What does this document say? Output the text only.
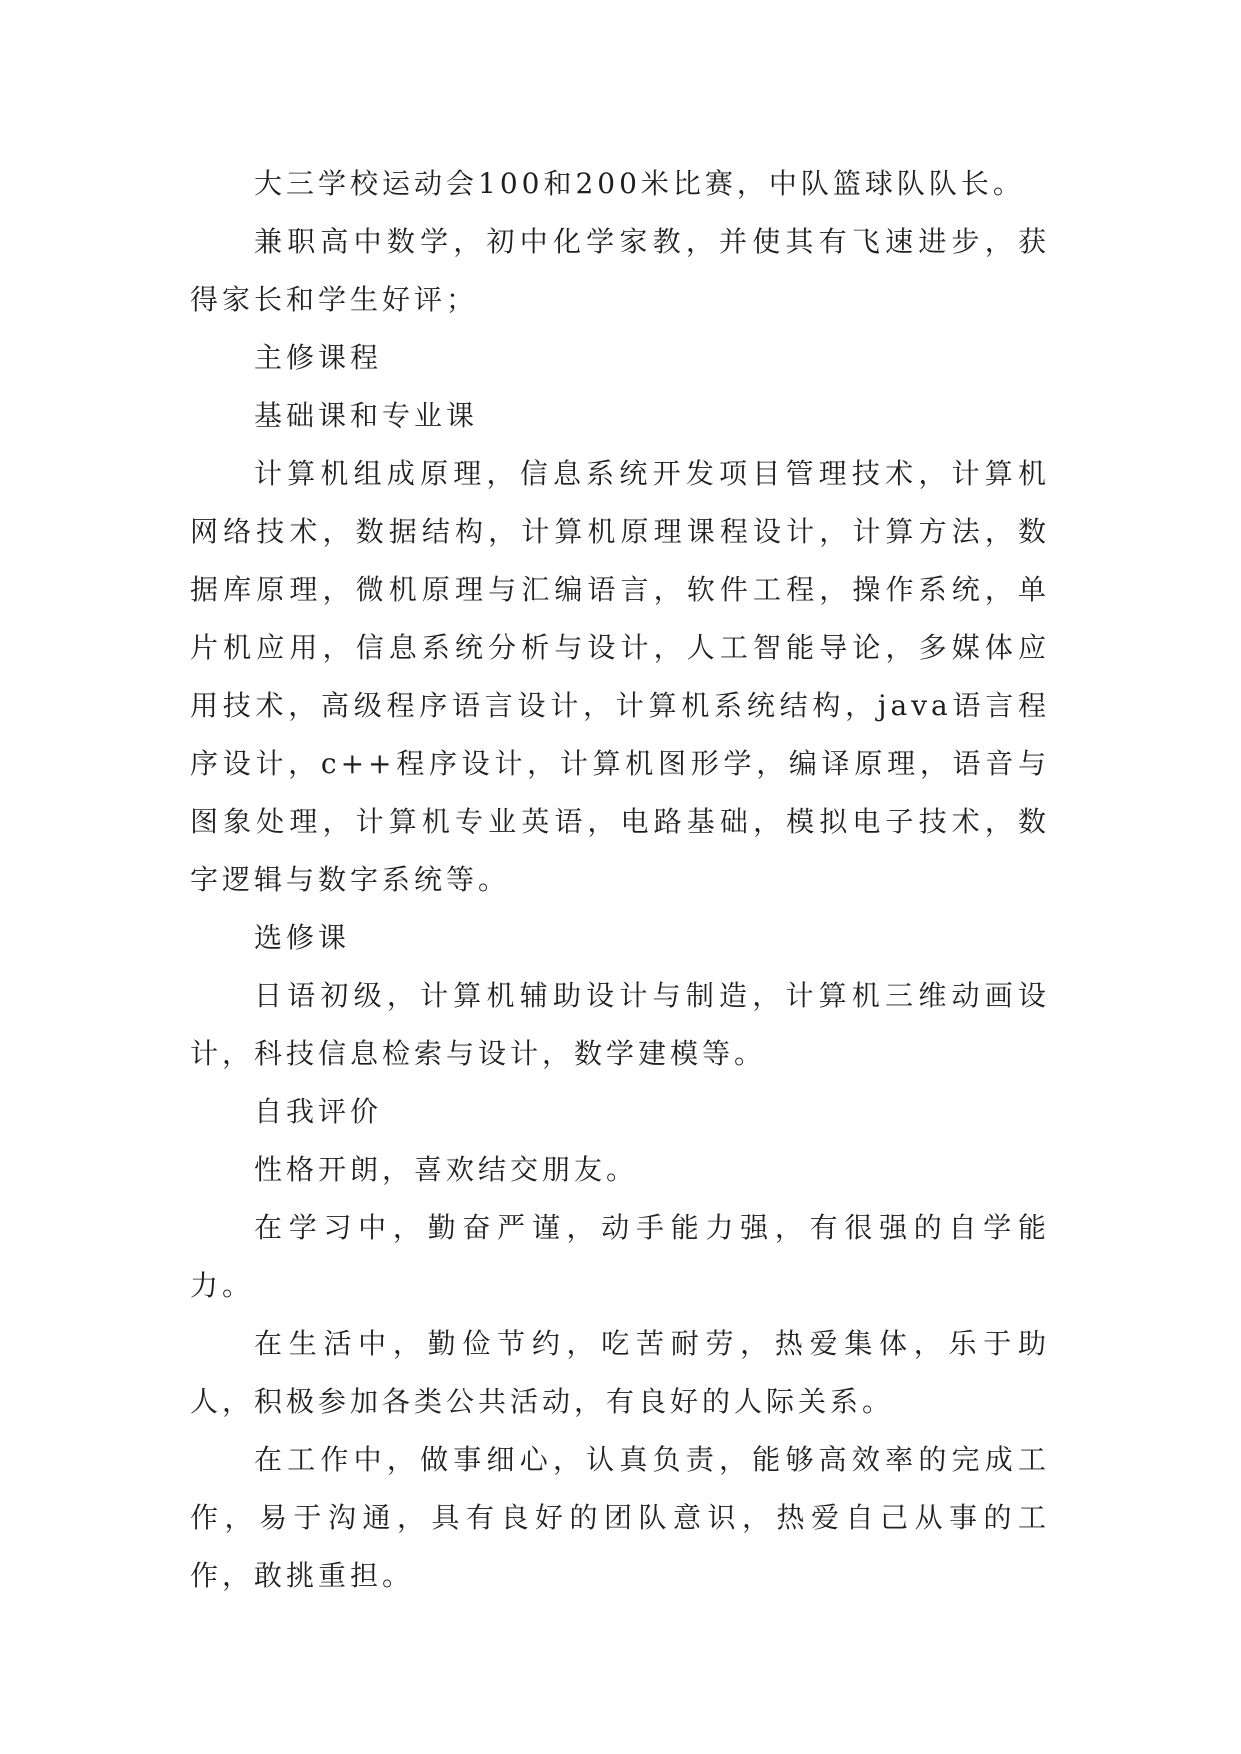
大三学校运动会100和200米比赛，中队篮球队队长。

兼职高中数学，初中化学家教，并使其有飞速进步，获得家长和学生好评；

主修课程

基础课和专业课

计算机组成原理，信息系统开发项目管理技术，计算机网络技术，数据结构，计算机原理课程设计，计算方法，数据库原理，微机原理与汇编语言，软件工程，操作系统，单片机应用，信息系统分析与设计，人工智能导论，多媒体应用技术，高级程序语言设计，计算机系统结构，java语言程序设计，c++程序设计，计算机图形学，编译原理，语音与图象处理，计算机专业英语，电路基础，模拟电子技术，数字逻辑与数字系统等。

选修课

日语初级，计算机辅助设计与制造，计算机三维动画设计，科技信息检索与设计，数学建模等。

自我评价

性格开朗，喜欢结交朋友。

在学习中，勤奋严谨，动手能力强，有很强的自学能力。

在生活中，勤俭节约，吃苦耐劳，热爱集体，乐于助人，积极参加各类公共活动，有良好的人际关系。

在工作中，做事细心，认真负责，能够高效率的完成工作，易于沟通，具有良好的团队意识，热爱自己从事的工作，敢挑重担。
